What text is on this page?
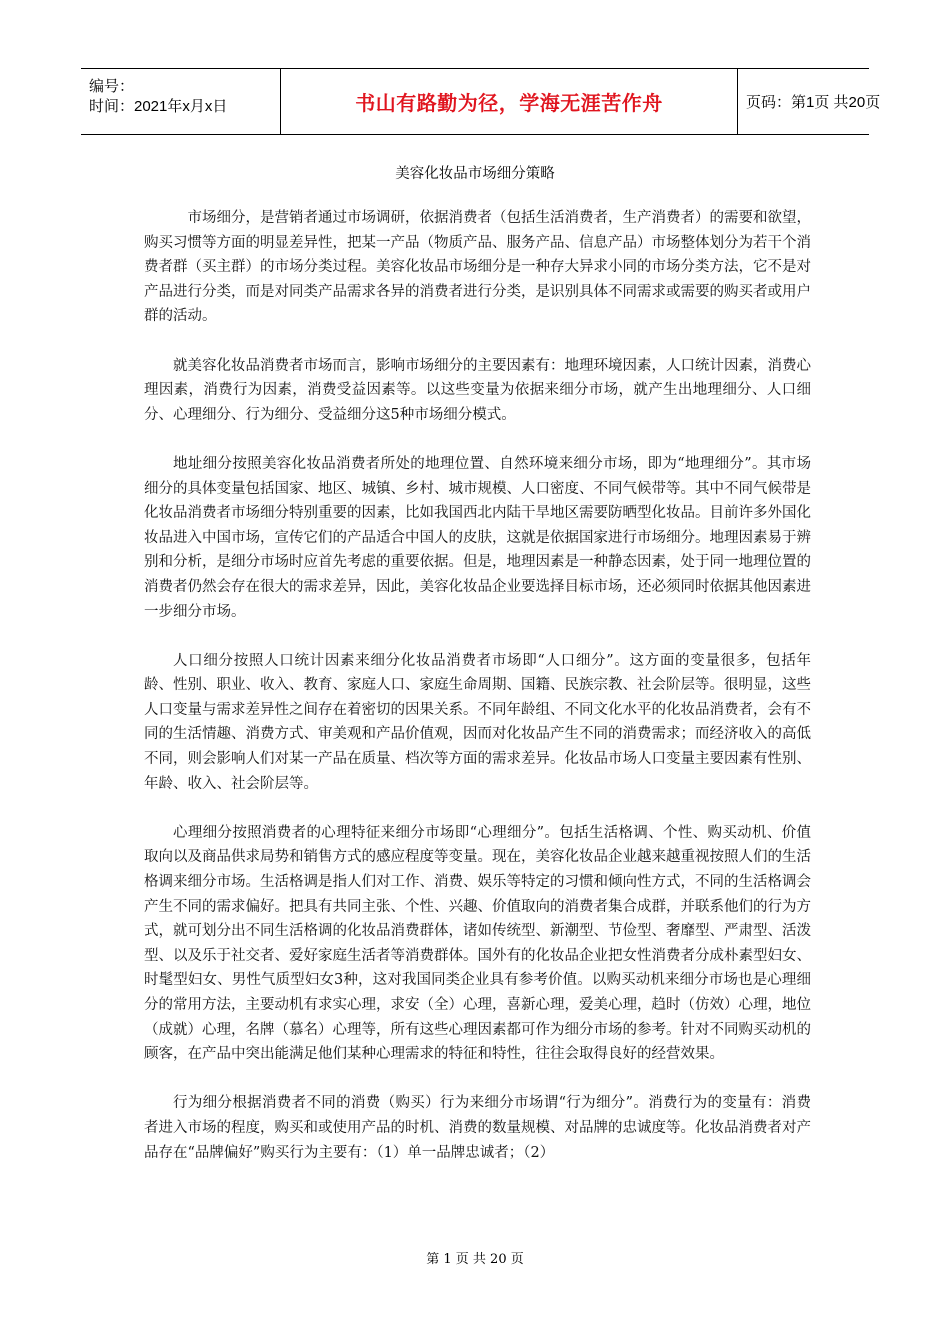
编号：
时间：2021年x月x日	书山有路勤为径，学海无涯苦作舟	页码：第1页 共20页
美容化妆品市场细分策略

市场细分，是营销者通过市场调研，依据消费者（包括生活消费者，生产消费者）的需要和欲望，购买习惯等方面的明显差异性，把某一产品（物质产品、服务产品、信息产品）市场整体划分为若干个消费者群（买主群）的市场分类过程。美容化妆品市场细分是一种存大异求小同的市场分类方法，它不是对产品进行分类，而是对同类产品需求各异的消费者进行分类，是识别具体不同需求或需要的购买者或用户群的活动。

就美容化妆品消费者市场而言，影响市场细分的主要因素有：地理环境因素，人口统计因素，消费心理因素，消费行为因素，消费受益因素等。以这些变量为依据来细分市场，就产生出地理细分、人口细分、心理细分、行为细分、受益细分这5种市场细分模式。

地址细分按照美容化妆品消费者所处的地理位置、自然环境来细分市场，即为“地理细分”。其市场细分的具体变量包括国家、地区、城镇、乡村、城市规模、人口密度、不同气候带等。其中不同气候带是化妆品消费者市场细分特别重要的因素，比如我国西北内陆干旱地区需要防晒型化妆品。目前许多外国化妆品进入中国市场，宣传它们的产品适合中国人的皮肤，这就是依据国家进行市场细分。地理因素易于辨别和分析，是细分市场时应首先考虑的重要依据。但是，地理因素是一种静态因素，处于同一地理位置的消费者仍然会存在很大的需求差异，因此，美容化妆品企业要选择目标市场，还必须同时依据其他因素进一步细分市场。

人口细分按照人口统计因素来细分化妆品消费者市场即“人口细分”。这方面的变量很多，包括年龄、性别、职业、收入、教育、家庭人口、家庭生命周期、国籍、民族宗教、社会阶层等。很明显，这些人口变量与需求差异性之间存在着密切的因果关系。不同年龄组、不同文化水平的化妆品消费者，会有不同的生活情趣、消费方式、审美观和产品价值观，因而对化妆品产生不同的消费需求；而经济收入的高低不同，则会影响人们对某一产品在质量、档次等方面的需求差异。化妆品市场人口变量主要因素有性别、年龄、收入、社会阶层等。

心理细分按照消费者的心理特征来细分市场即“心理细分”。包括生活格调、个性、购买动机、价值取向以及商品供求局势和销售方式的感应程度等变量。现在，美容化妆品企业越来越重视按照人们的生活格调来细分市场。生活格调是指人们对工作、消费、娱乐等特定的习惯和倾向性方式，不同的生活格调会产生不同的需求偏好。把具有共同主张、个性、兴趣、价值取向的消费者集合成群，并联系他们的行为方式，就可划分出不同生活格调的化妆品消费群体，诸如传统型、新潮型、节俭型、奢靡型、严肃型、活泼型、以及乐于社交者、爱好家庭生活者等消费群体。国外有的化妆品企业把女性消费者分成朴素型妇女、时髦型妇女、男性气质型妇女3种，这对我国同类企业具有参考价值。以购买动机来细分市场也是心理细分的常用方法，主要动机有求实心理，求安（全）心理，喜新心理，爱美心理，趋时（仿效）心理，地位（成就）心理，名牌（慕名）心理等，所有这些心理因素都可作为细分市场的参考。针对不同购买动机的顾客，在产品中突出能满足他们某种心理需求的特征和特性，往往会取得良好的经营效果。

行为细分根据消费者不同的消费（购买）行为来细分市场谓“行为细分”。消费行为的变量有：消费者进入市场的程度，购买和或使用产品的时机、消费的数量规模、对品牌的忠诚度等。化妆品消费者对产品存在“品牌偏好”购买行为主要有：（1）单一品牌忠诚者；（2）

第 1 页 共 20 页
